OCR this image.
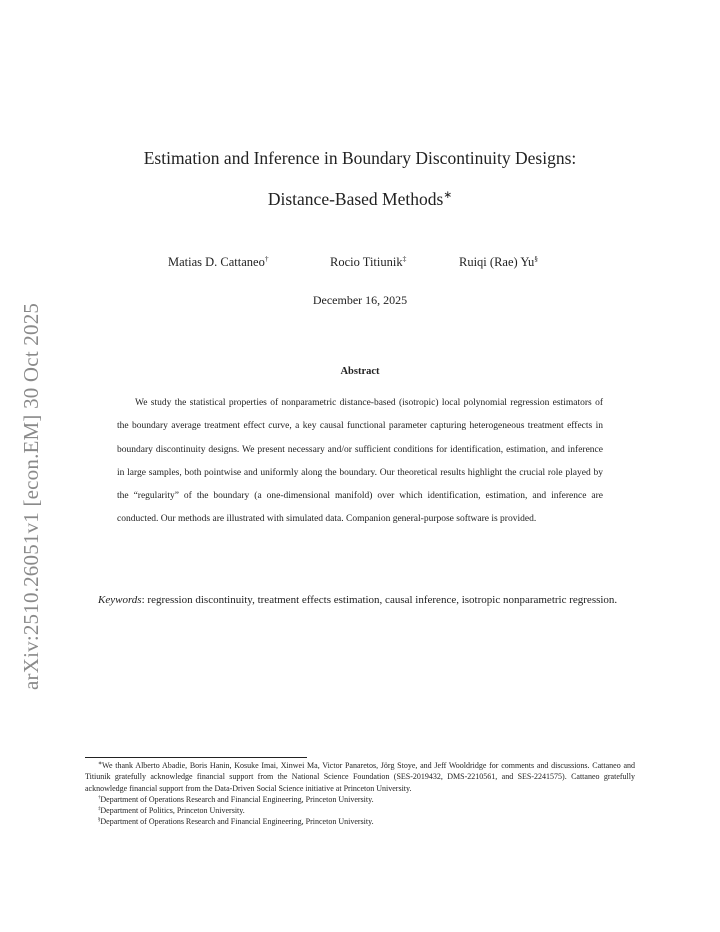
arXiv:2510.26051v1 [econ.EM] 30 Oct 2025
Estimation and Inference in Boundary Discontinuity Designs:
Distance-Based Methods∗
Matias D. Cattaneo†	Rocio Titiunik‡	Ruiqi (Rae) Yu§
December 16, 2025
Abstract
We study the statistical properties of nonparametric distance-based (isotropic) local polynomial regression estimators of the boundary average treatment effect curve, a key causal functional parameter capturing heterogeneous treatment effects in boundary discontinuity designs. We present necessary and/or sufficient conditions for identification, estimation, and inference in large samples, both pointwise and uniformly along the boundary. Our theoretical results highlight the crucial role played by the “regularity” of the boundary (a one-dimensional manifold) over which identification, estimation, and inference are conducted. Our methods are illustrated with simulated data. Companion general-purpose software is provided.
Keywords: regression discontinuity, treatment effects estimation, causal inference, isotropic nonparametric regression.

∗We thank Alberto Abadie, Boris Hanin, Kosuke Imai, Xinwei Ma, Victor Panaretos, Jörg Stoye, and Jeff Wooldridge for comments and discussions. Cattaneo and Titiunik gratefully acknowledge financial support from the National Science Foundation (SES-2019432, DMS-2210561, and SES-2241575). Cattaneo gratefully acknowledge financial support from the Data-Driven Social Science initiative at Princeton University.

†Department of Operations Research and Financial Engineering, Princeton University.

‡Department of Politics, Princeton University.

§Department of Operations Research and Financial Engineering, Princeton University.
